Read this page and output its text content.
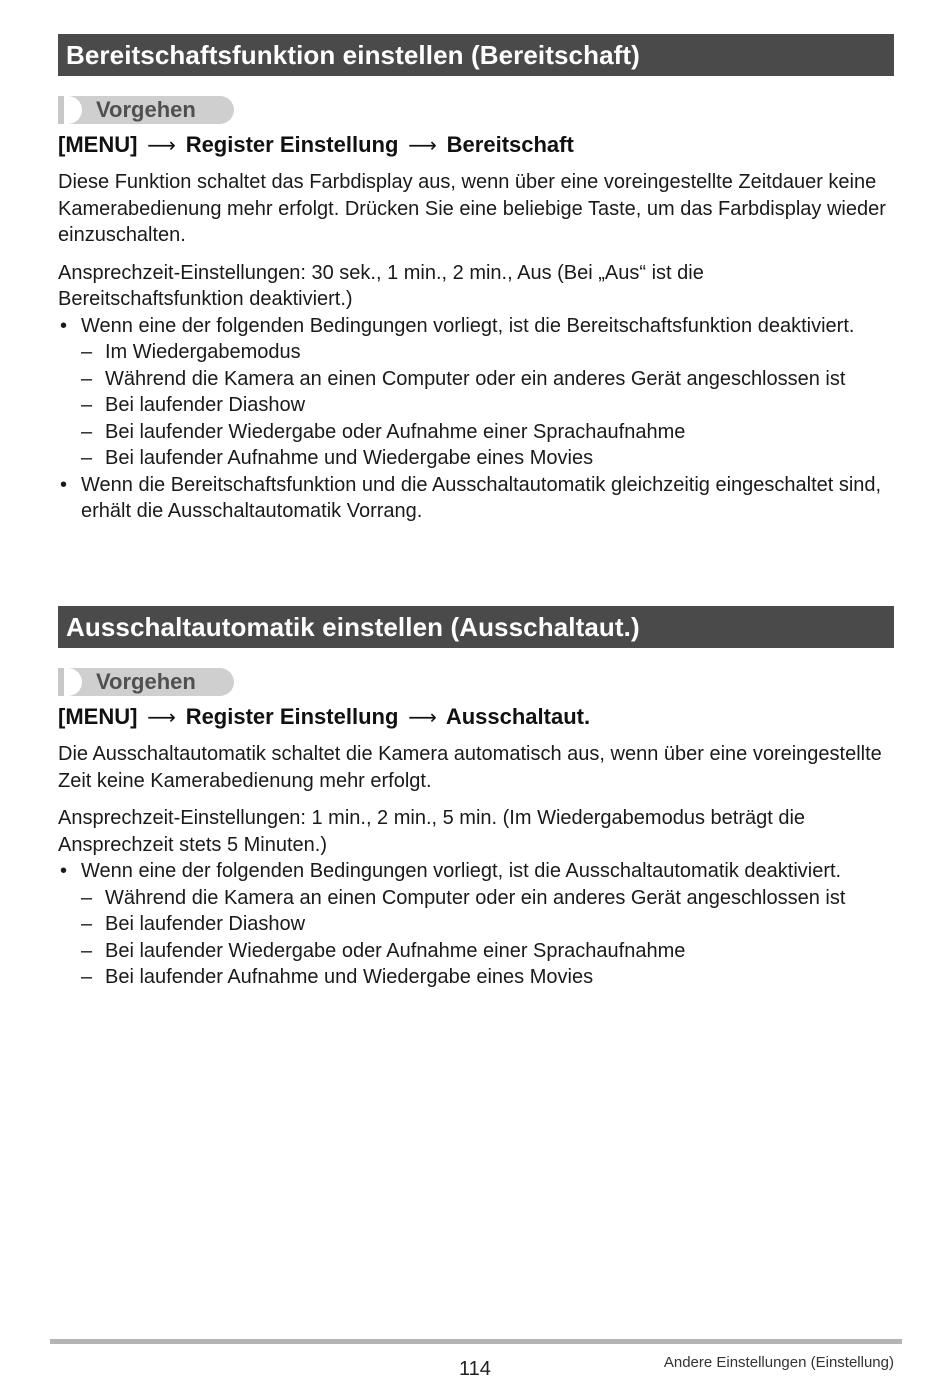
Bereitschaftsfunktion einstellen (Bereitschaft)
Vorgehen
[MENU] ⟶ Register Einstellung ⟶ Bereitschaft
Diese Funktion schaltet das Farbdisplay aus, wenn über eine voreingestellte Zeitdauer keine Kamerabedienung mehr erfolgt. Drücken Sie eine beliebige Taste, um das Farbdisplay wieder einzuschalten.
Ansprechzeit-Einstellungen: 30 sek., 1 min., 2 min., Aus (Bei „Aus“ ist die Bereitschaftsfunktion deaktiviert.)
• Wenn eine der folgenden Bedingungen vorliegt, ist die Bereitschaftsfunktion deaktiviert.
– Im Wiedergabemodus
– Während die Kamera an einen Computer oder ein anderes Gerät angeschlossen ist
– Bei laufender Diashow
– Bei laufender Wiedergabe oder Aufnahme einer Sprachaufnahme
– Bei laufender Aufnahme und Wiedergabe eines Movies
• Wenn die Bereitschaftsfunktion und die Ausschaltautomatik gleichzeitig eingeschaltet sind, erhält die Ausschaltautomatik Vorrang.
Ausschaltautomatik einstellen (Ausschaltaut.)
Vorgehen
[MENU] ⟶ Register Einstellung ⟶ Ausschaltaut.
Die Ausschaltautomatik schaltet die Kamera automatisch aus, wenn über eine voreingestellte Zeit keine Kamerabedienung mehr erfolgt.
Ansprechzeit-Einstellungen: 1 min., 2 min., 5 min. (Im Wiedergabemodus beträgt die Ansprechzeit stets 5 Minuten.)
• Wenn eine der folgenden Bedingungen vorliegt, ist die Ausschaltautomatik deaktiviert.
– Während die Kamera an einen Computer oder ein anderes Gerät angeschlossen ist
– Bei laufender Diashow
– Bei laufender Wiedergabe oder Aufnahme einer Sprachaufnahme
– Bei laufender Aufnahme und Wiedergabe eines Movies
114	Andere Einstellungen (Einstellung)
